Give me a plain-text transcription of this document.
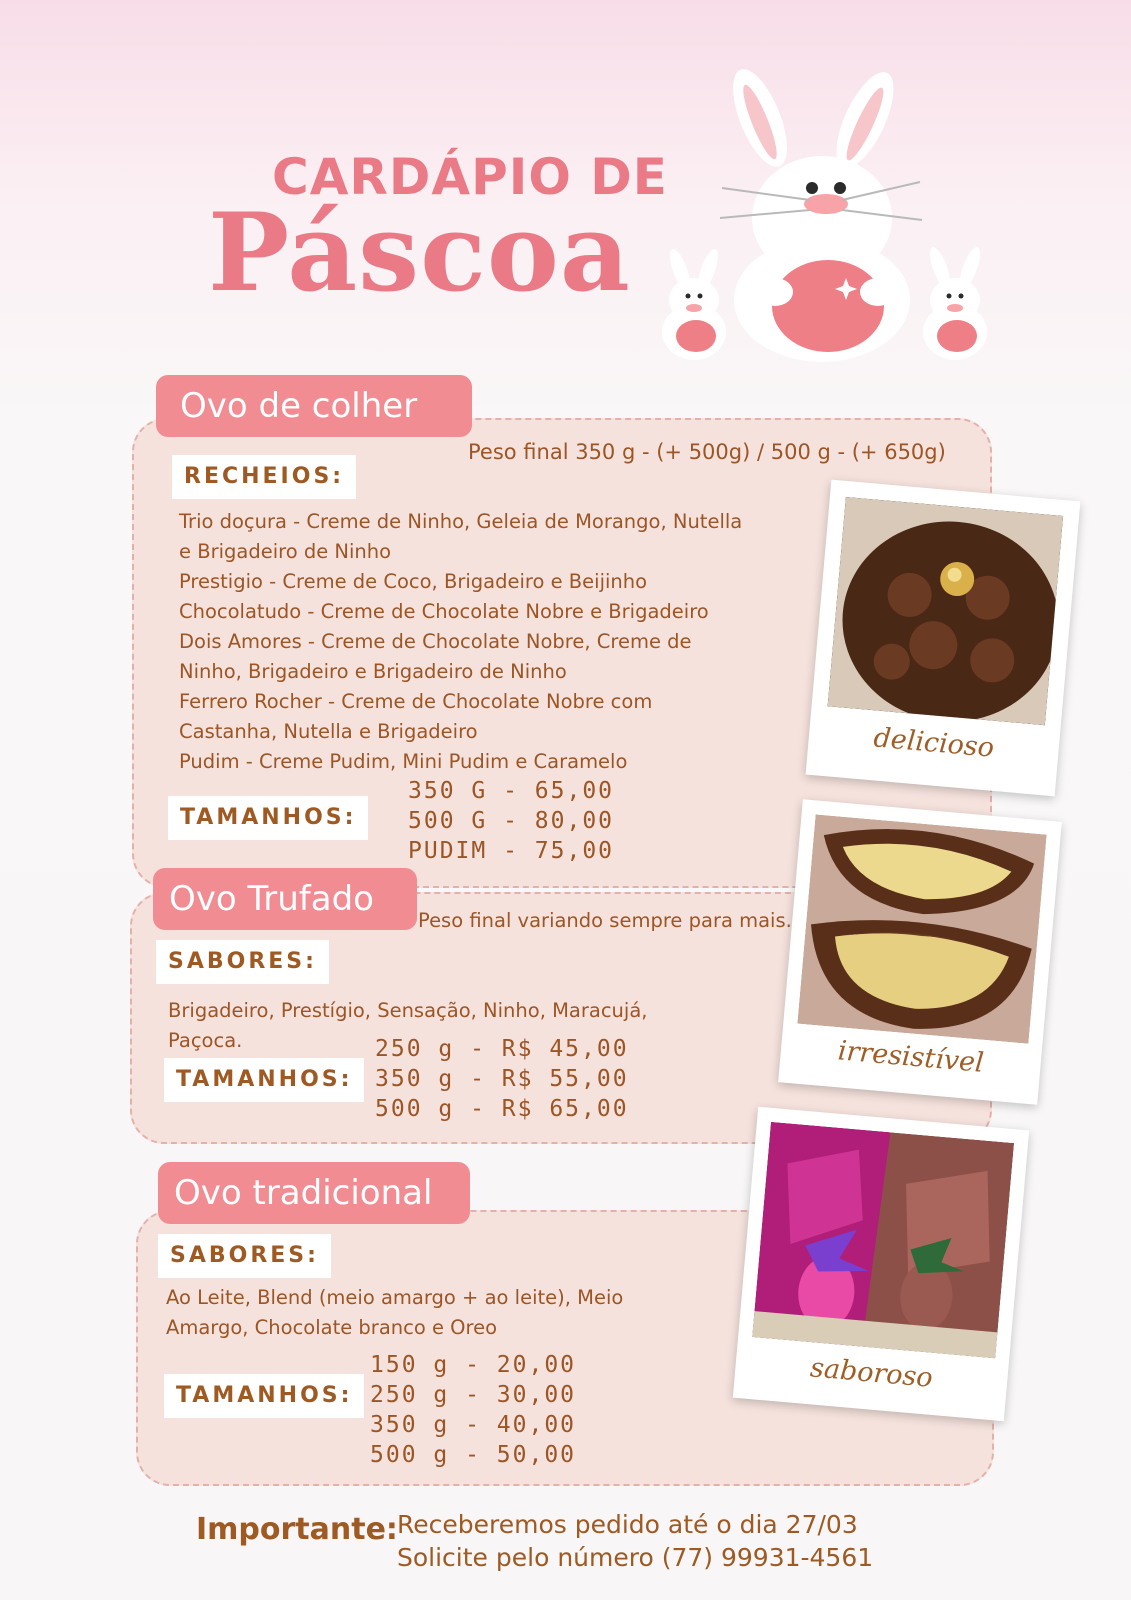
CARDÁPIO DE
Páscoa
Ovo de colher
Peso final 350 g - (+ 500g) / 500 g - (+ 650g)
RECHEIOS:
Trio doçura - Creme de Ninho, Geleia de Morango, Nutella
e Brigadeiro de Ninho
Prestigio - Creme de Coco, Brigadeiro e Beijinho
Chocolatudo - Creme de Chocolate Nobre e Brigadeiro
Dois Amores - Creme de Chocolate Nobre, Creme de
Ninho, Brigadeiro e Brigadeiro de Ninho
Ferrero Rocher - Creme de Chocolate Nobre com
Castanha, Nutella e Brigadeiro
Pudim - Creme Pudim, Mini Pudim e Caramelo
TAMANHOS:
350 G - 65,00
500 G - 80,00
PUDIM - 75,00
Ovo Trufado
Peso final variando sempre para mais.
SABORES:
Brigadeiro, Prestígio, Sensação, Ninho, Maracujá,
Paçoca.
TAMANHOS:
250 g - R$ 45,00
350 g - R$ 55,00
500 g - R$ 65,00
Ovo tradicional
SABORES:
Ao Leite, Blend (meio amargo + ao leite), Meio
Amargo, Chocolate branco e Oreo
TAMANHOS:
150 g - 20,00
250 g - 30,00
350 g - 40,00
500 g - 50,00
delicioso
irresistível
saboroso
Importante: Receberemos pedido até o dia 27/03
Solicite pelo número (77) 99931-4561
